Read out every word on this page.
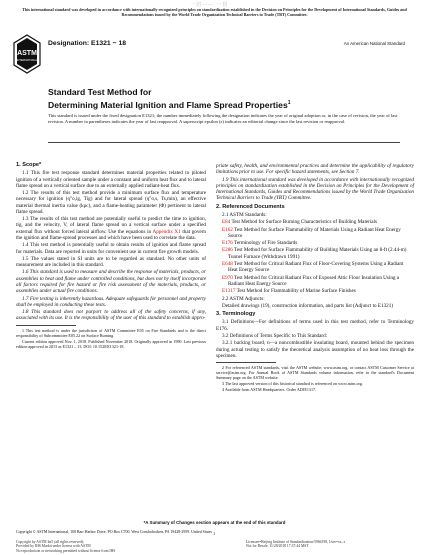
This international standard was developed in accordance with internationally recognized principles on standardization established in the Decision on Principles for the Development of International Standards, Guides and Recommendations issued by the World Trade Organization Technical Barriers to Trade (TBT) Committee.
一切—— 一切
ASTM
INTERNATIONAL
Designation: E1321 − 18	An American National Standard
Standard Test Method for
Determining Material Ignition and Flame Spread Properties$^1$
This standard is issued under the fixed designation E1321; the number immediately following the designation indicates the year of original adoption or, in the case of revision, the year of last revision. A number in parentheses indicates the year of last reapproval. A superscript epsilon (ε) indicates an editorial change since the last revision or reapproval.
1. Scope*

1.1 This fire test response standard determines material properties related to piloted ignition of a vertically oriented sample under a constant and uniform heat flux and to lateral flame spread on a vertical surface due to an externally applied radiant-heat flux.

1.2 The results of this test method provide a minimum surface flux and temperature necessary for ignition (q"o,ig, Tig) and for lateral spread (q"o,s, Ts,min), an effective material thermal inertia value (kρc), and a flame-heating parameter (Φ) pertinent to lateral flame spread.

1.3 The results of this test method are potentially useful to predict the time to ignition, tig, and the velocity, V, of lateral flame spread on a vertical surface under a specified external flux without forced lateral airflow. Use the equations in Appendix X1 that govern the ignition and flame-spread processes and which have been used to correlate the data.

1.4 This test method is potentially useful to obtain results of ignition and flame spread for materials. Data are reported in units for convenient use in current fire growth models.

1.5 The values stated in SI units are to be regarded as standard. No other units of measurement are included in this standard.

1.6 This standard is used to measure and describe the response of materials, products, or assemblies to heat and flame under controlled conditions, but does not by itself incorporate all factors required for fire hazard or fire risk assessment of the materials, products, or assemblies under actual fire conditions.

1.7 Fire testing is inherently hazardous. Adequate safeguards for personnel and property shall be employed in conducting these tests.

1.8 This standard does not purport to address all of the safety concerns, if any, associated with its use. It is the responsibility of the user of this standard to establish appro-

1 This test method is under the jurisdiction of ASTM Committee E05 on Fire Standards and is the direct responsibility of Subcommittee E05.22 on Surface Burning.

Current edition approved Nov. 1, 2018. Published November 2018. Originally approved in 1990. Last previous edition approved in 2013 as E1321 – 13. DOI: 10.1520/E1321-18.

priate safety, health, and environmental practices and determine the applicability of regulatory limitations prior to use. For specific hazard statements, see Section 7.

1.9 This international standard was developed in accordance with internationally recognized principles on standardization established in the Decision on Principles for the Development of International Standards, Guides and Recommendations issued by the World Trade Organization Technical Barriers to Trade (TBT) Committee.

2. Referenced Documents

2.1 ASTM Standards:

E84 Test Method for Surface Burning Characteristics of Building Materials

E162 Test Method for Surface Flammability of Materials Using a Radiant Heat Energy Source

E176 Terminology of Fire Standards

E286 Test Method for Surface Flammability of Building Materials Using an 8-ft (2.44-m) Tunnel Furnace (Withdrawn 1991)

E648 Test Method for Critical Radiant Flux of Floor-Covering Systems Using a Radiant Heat Energy Source

E970 Test Method for Critical Radiant Flux of Exposed Attic Floor Insulation Using a Radiant Heat Energy Source

E1317 Test Method for Flammability of Marine Surface Finishes

2.2 ASTM Adjuncts:

Detailed drawings (19), construction information, and parts list (Adjunct to E1321)

3. Terminology

3.1 Definitions—For definitions of terms used in this test method, refer to Terminology E176.

3.2 Definitions of Terms Specific to This Standard:

3.2.1 backing board, n—a noncombustible insulating board, mounted behind the specimen during actual testing to satisfy the theoretical analysis assumption of no heat loss through the specimen.

2 For referenced ASTM standards, visit the ASTM website, www.astm.org, or contact ASTM Customer Service at service@astm.org. For Annual Book of ASTM Standards volume information, refer to the standard's Document Summary page on the ASTM website.

3 The last approved version of this historical standard is referenced on www.astm.org.

4 Available from ASTM Headquarters. Order ADJE1317.

*A Summary of Changes section appears at the end of this standard
Copyright © ASTM International, 100 Barr Harbor Drive, PO Box C700, West Conshohocken, PA 19428-2959. United States 1
Copyright by ASTM Int'l (all rights reserved);
Provided by IHS Markit under license with ASTM
No reproduction or networking permitted without license from IHS
Licensee=Beijing Institute of Standardization/5966198, User=xx, z
Not for Resale, 11/28/2018 17:37:44 MST
